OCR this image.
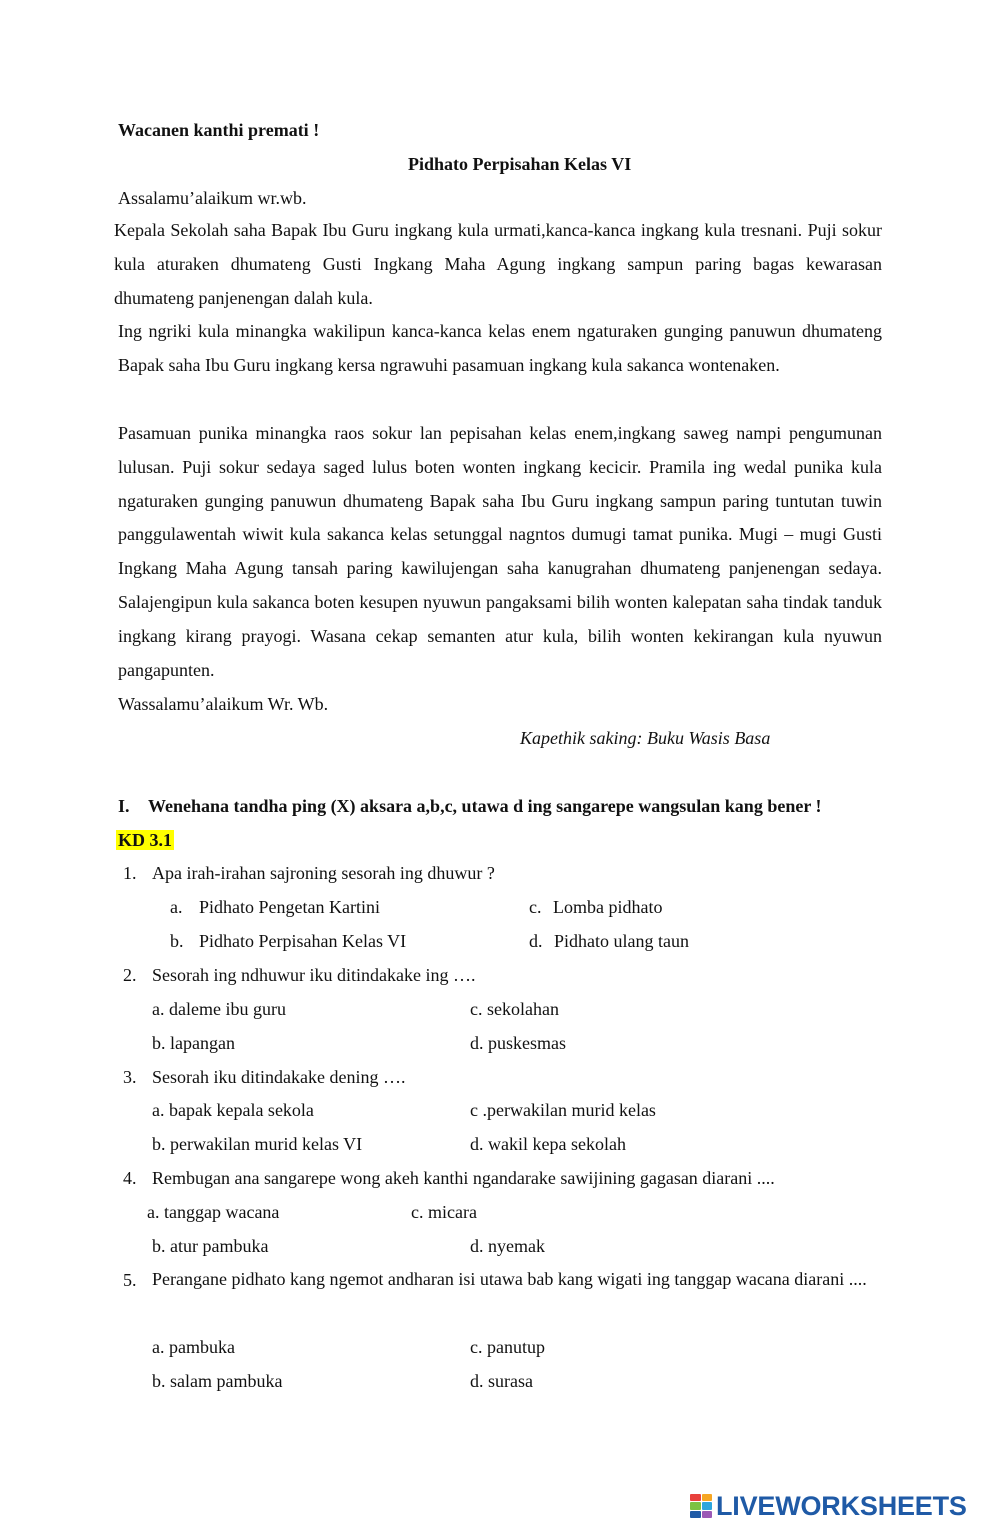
Wacanen kanthi premati !
Pidhato Perpisahan Kelas VI
Assalamu’alaikum wr.wb.
Kepala Sekolah saha Bapak Ibu Guru ingkang kula urmati,kanca-kanca ingkang kula tresnani. Puji sokur kula aturaken dhumateng Gusti Ingkang Maha Agung ingkang sampun paring bagas kewarasan dhumateng panjenengan dalah kula.
Ing ngriki kula minangka wakilipun kanca-kanca kelas enem ngaturaken gunging panuwun dhumateng Bapak saha Ibu Guru ingkang kersa ngrawuhi pasamuan ingkang kula sakanca wontenaken.
Pasamuan punika minangka raos sokur lan pepisahan kelas enem,ingkang saweg nampi pengumunan lulusan. Puji sokur sedaya saged lulus boten wonten ingkang kecicir. Pramila ing wedal punika kula ngaturaken gunging panuwun dhumateng Bapak saha Ibu Guru ingkang sampun paring tuntutan tuwin panggulawentah wiwit kula sakanca kelas setunggal nagntos dumugi tamat punika. Mugi – mugi Gusti Ingkang Maha Agung tansah paring kawilujengan saha kanugrahan dhumateng panjenengan sedaya. Salajengipun kula sakanca boten kesupen nyuwun pangaksami bilih wonten kalepatan saha tindak tanduk ingkang kirang prayogi. Wasana cekap semanten atur kula, bilih wonten kekirangan kula nyuwun pangapunten.
Wassalamu’alaikum Wr. Wb.
Kapethik saking: Buku Wasis Basa
I. Wenehana tandha ping (X) aksara a,b,c, utawa d ing sangarepe wangsulan kang bener !
KD 3.1
1. Apa irah-irahan sajroning sesorah ing dhuwur ?
a. Pidhato Pengetan Kartini	c. Lomba pidhato
b. Pidhato Perpisahan Kelas VI	d. Pidhato ulang taun
2. Sesorah ing ndhuwur iku ditindakake ing ….
a. daleme ibu guru	c. sekolahan
b. lapangan	d. puskesmas
3. Sesorah iku ditindakake dening ….
a. bapak kepala sekola	c .perwakilan murid kelas
b. perwakilan murid kelas VI	d. wakil kepa sekolah
4. Rembugan ana sangarepe wong akeh kanthi ngandarake sawijining gagasan diarani ....
a. tanggap wacana	c. micara
b. atur pambuka	d. nyemak
5. Perangane pidhato kang ngemot andharan isi utawa bab kang wigati ing tanggap wacana diarani ....
a. pambuka	c. panutup
b. salam pambuka	d. surasa
LIVEWORKSHEETS
